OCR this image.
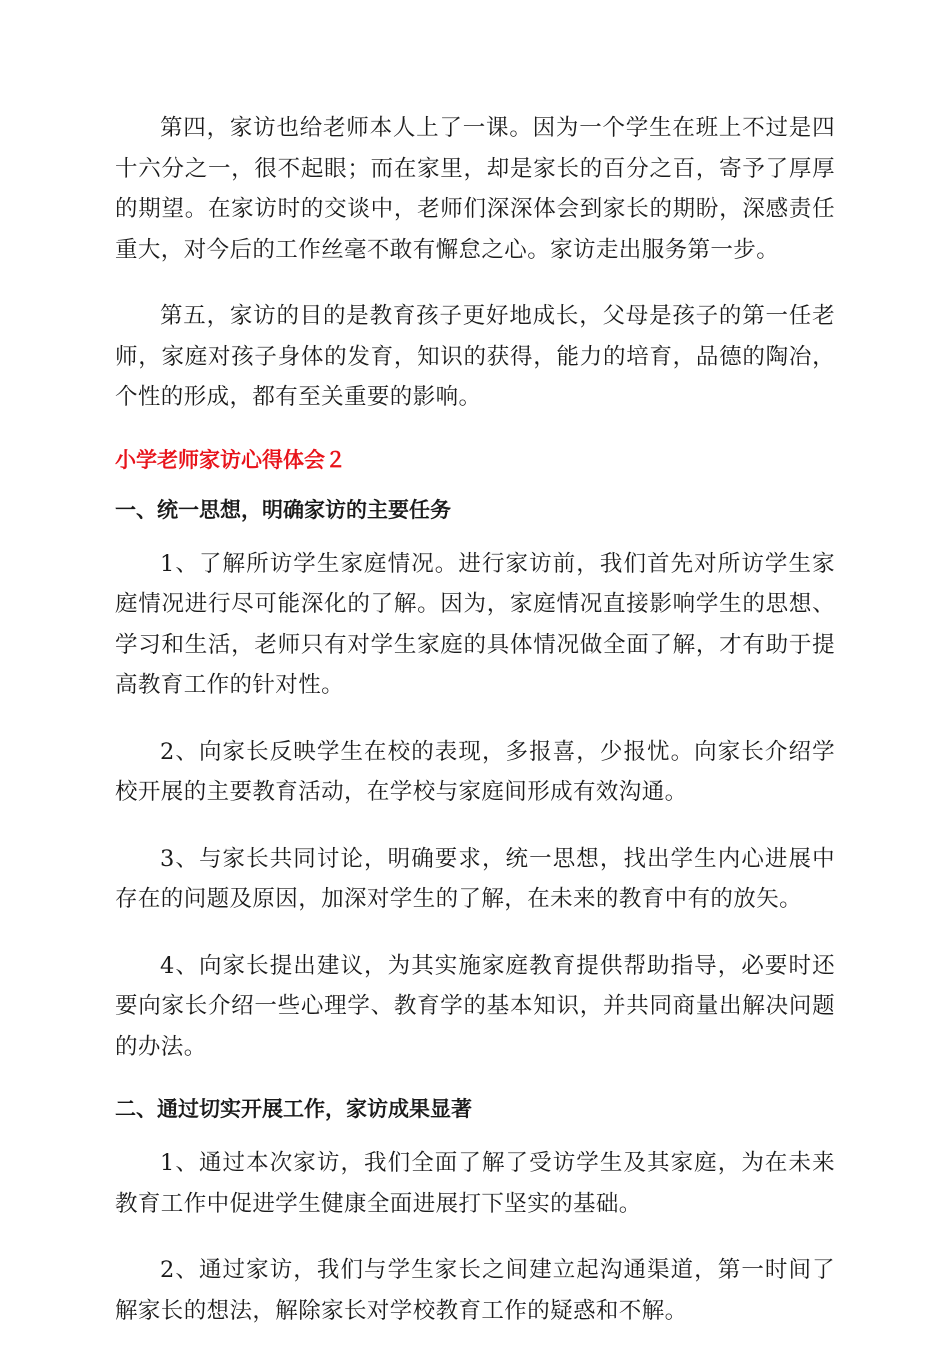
第四，家访也给老师本人上了一课。因为一个学生在班上不过是四十六分之一，很不起眼；而在家里，却是家长的百分之百，寄予了厚厚的期望。在家访时的交谈中，老师们深深体会到家长的期盼，深感责任重大，对今后的工作丝毫不敢有懈怠之心。家访走出服务第一步。

第五，家访的目的是教育孩子更好地成长，父母是孩子的第一任老师，家庭对孩子身体的发育，知识的获得，能力的培育，品德的陶冶，个性的形成，都有至关重要的影响。

小学老师家访心得体会２
一、统一思想，明确家访的主要任务

1、了解所访学生家庭情况。进行家访前，我们首先对所访学生家庭情况进行尽可能深化的了解。因为，家庭情况直接影响学生的思想、学习和生活，老师只有对学生家庭的具体情况做全面了解，才有助于提高教育工作的针对性。

2、向家长反映学生在校的表现，多报喜，少报忧。向家长介绍学校开展的主要教育活动，在学校与家庭间形成有效沟通。

3、与家长共同讨论，明确要求，统一思想，找出学生内心进展中存在的问题及原因，加深对学生的了解，在未来的教育中有的放矢。

4、向家长提出建议，为其实施家庭教育提供帮助指导，必要时还要向家长介绍一些心理学、教育学的基本知识，并共同商量出解决问题的办法。

二、通过切实开展工作，家访成果显著

1、通过本次家访，我们全面了解了受访学生及其家庭，为在未来教育工作中促进学生健康全面进展打下坚实的基础。

2、通过家访，我们与学生家长之间建立起沟通渠道，第一时间了解家长的想法，解除家长对学校教育工作的疑惑和不解。
